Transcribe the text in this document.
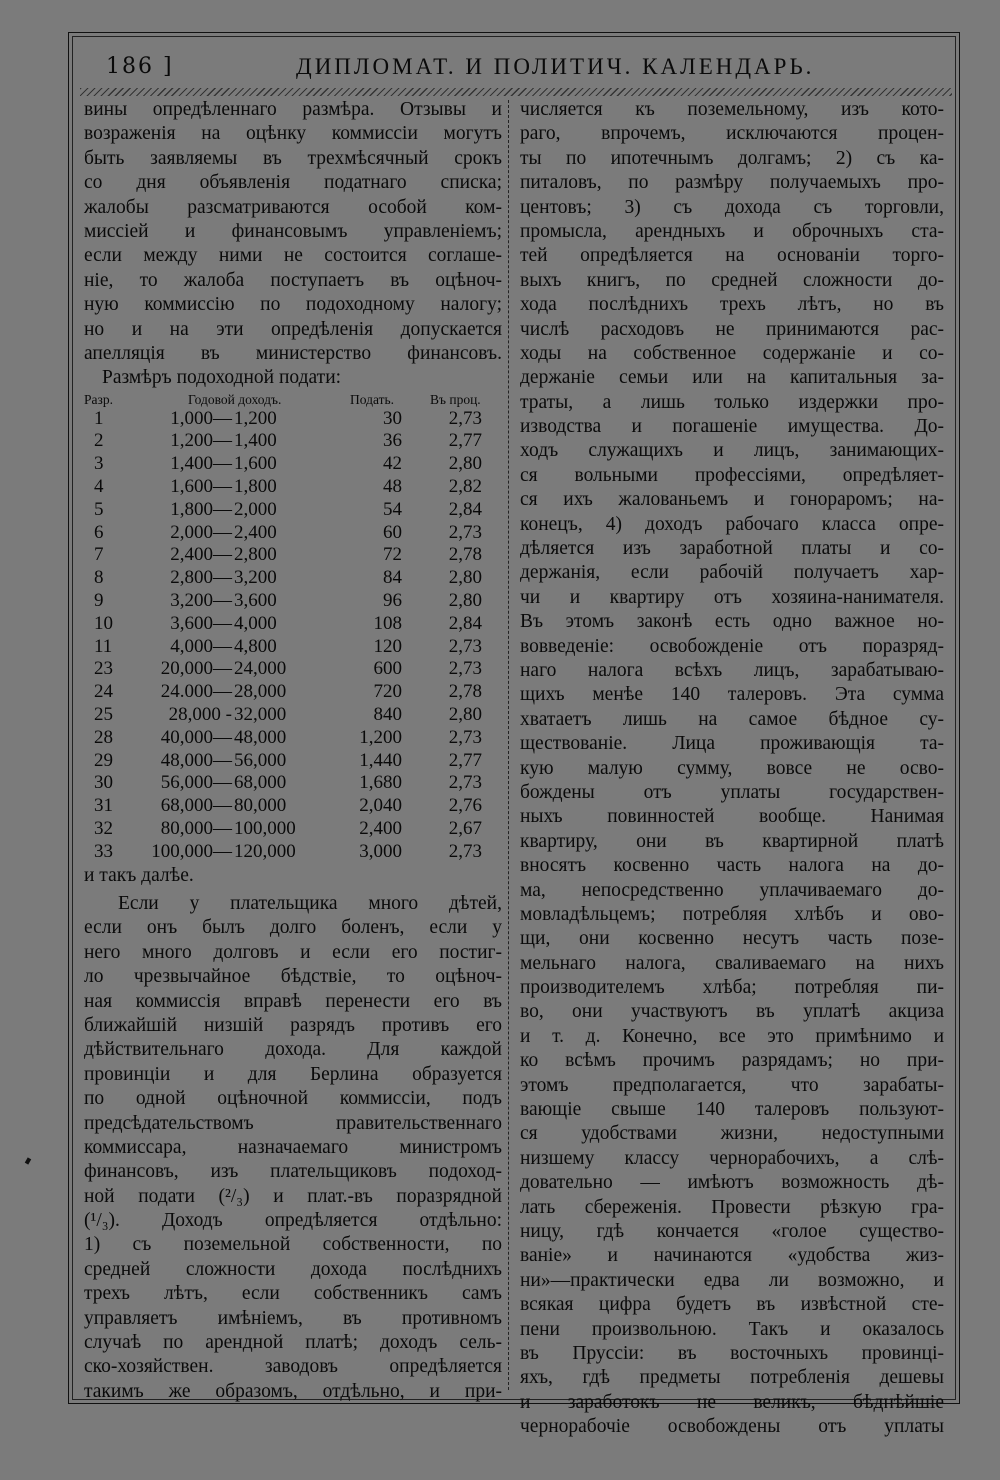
186 ]	ДИПЛОМАТ. И ПОЛИТИЧ. КАЛЕНДАРЬ.
вины опредѣленнаго размѣра. Отзывы и
возраженія на оцѣнку коммиссіи могутъ
быть заявляемы въ трехмѣсячный срокъ
со дня объявленія податнаго списка;
жалобы разсматриваются особой ком-
миссіей и финансовымъ управленіемъ;
если между ними не состоится соглаше-
ніе, то жалоба поступаетъ въ оцѣноч-
ную коммиссію по подоходному налогу;
но и на эти опредѣленія допускается
апелляція въ министерство финансовъ.
Размѣръ подоходной подати:
Разр.	Годовой доходъ.	Подать.	Въ проц.
1	1,000— 1,200	30	2,73
2	1,200— 1,400	36	2,77
3	1,400— 1,600	42	2,80
4	1,600— 1,800	48	2,82
5	1,800— 2,000	54	2,84
6	2,000— 2,400	60	2,73
7	2,400— 2,800	72	2,78
8	2,800— 3,200	84	2,80
9	3,200— 3,600	96	2,80
10	3,600— 4,000	108	2,84
11	4,000— 4,800	120	2,73
23	20,000— 24,000	600	2,73
24	24.000— 28,000	720	2,78
25	28,000 - 32,000	840	2,80
28	40,000— 48,000	1,200	2,73
29	48,000— 56,000	1,440	2,77
30	56,000— 68,000	1,680	2,73
31	68,000— 80,000	2,040	2,76
32	80,000— 100,000	2,400	2,67
33	100,000— 120,000	3,000	2,73
и такъ далѣе.
Если у плательщика много дѣтей,
если онъ былъ долго боленъ, если у
него много долговъ и если его постиг-
ло чрезвычайное бѣдствіе, то оцѣноч-
ная коммиссія вправѣ перенести его въ
ближайшій низшій разрядъ противъ его
дѣйствительнаго дохода. Для каждой
провинціи и для Берлина образуется
по одной оцѣночной коммиссіи, подъ
предсѣдательствомъ правительственнаго
коммиссара, назначаемаго министромъ
финансовъ, изъ плательщиковъ подоход-
ной подати (²/₃) и плат.-въ поразрядной
(¹/₃). Доходъ опредѣляется отдѣльно:
1) съ поземельной собственности, по
средней сложности дохода послѣднихъ
трехъ лѣтъ, если собственникъ самъ
управляетъ имѣніемъ, въ противномъ
случаѣ по арендной платѣ; доходъ сель-
ско-хозяйствен. заводовъ опредѣляется
такимъ же образомъ, отдѣльно, и при-
числяется къ поземельному, изъ кото-
раго, впрочемъ, исключаются процен-
ты по ипотечнымъ долгамъ; 2) съ ка-
питаловъ, по размѣру получаемыхъ про-
центовъ; 3) съ дохода съ торговли,
промысла, арендныхъ и оброчныхъ ста-
тей опредѣляется на основаніи торго-
выхъ книгъ, по средней сложности до-
хода послѣднихъ трехъ лѣтъ, но въ
числѣ расходовъ не принимаются рас-
ходы на собственное содержаніе и со-
держаніе семьи или на капитальныя за-
траты, а лишь только издержки про-
изводства и погашеніе имущества. До-
ходъ служащихъ и лицъ, занимающих-
ся вольными профессіями, опредѣляет-
ся ихъ жалованьемъ и гонораромъ; на-
конецъ, 4) доходъ рабочаго класса опре-
дѣляется изъ заработной платы и со-
держанія, если рабочій получаетъ хар-
чи и квартиру отъ хозяина-нанимателя.
Въ этомъ законѣ есть одно важное но-
вовведеніе: освобожденіе отъ поразряд-
наго налога всѣхъ лицъ, зарабатываю-
щихъ менѣе 140 талеровъ. Эта сумма
хватаетъ лишь на самое бѣдное су-
ществованіе. Лица проживающія та-
кую малую сумму, вовсе не осво-
бождены отъ уплаты государствен-
ныхъ повинностей вообще. Нанимая
квартиру, они въ квартирной платѣ
вносятъ косвенно часть налога на до-
ма, непосредственно уплачиваемаго до-
мовладѣльцемъ; потребляя хлѣбъ и ово-
щи, они косвенно несутъ часть позе-
мельнаго налога, сваливаемаго на нихъ
производителемъ хлѣба; потребляя пи-
во, они участвуютъ въ уплатѣ акциза
и т. д. Конечно, все это примѣнимо и
ко всѣмъ прочимъ разрядамъ; но при-
этомъ предполагается, что зарабаты-
вающіе свыше 140 талеровъ пользуют-
ся удобствами жизни, недоступными
низшему классу чернорабочихъ, а слѣ-
довательно — имѣютъ возможность дѣ-
лать сбереженія. Провести рѣзкую гра-
ницу, гдѣ кончается «голое существо-
ваніе» и начинаются «удобства жиз-
ни»—практически едва ли возможно, и
всякая цифра будетъ въ извѣстной сте-
пени произвольною. Такъ и оказалось
въ Пруссіи: въ восточныхъ провинці-
яхъ, гдѣ предметы потребленія дешевы
и заработокъ не великъ, бѣднѣйшіе
чернорабочіе освобождены отъ уплаты
